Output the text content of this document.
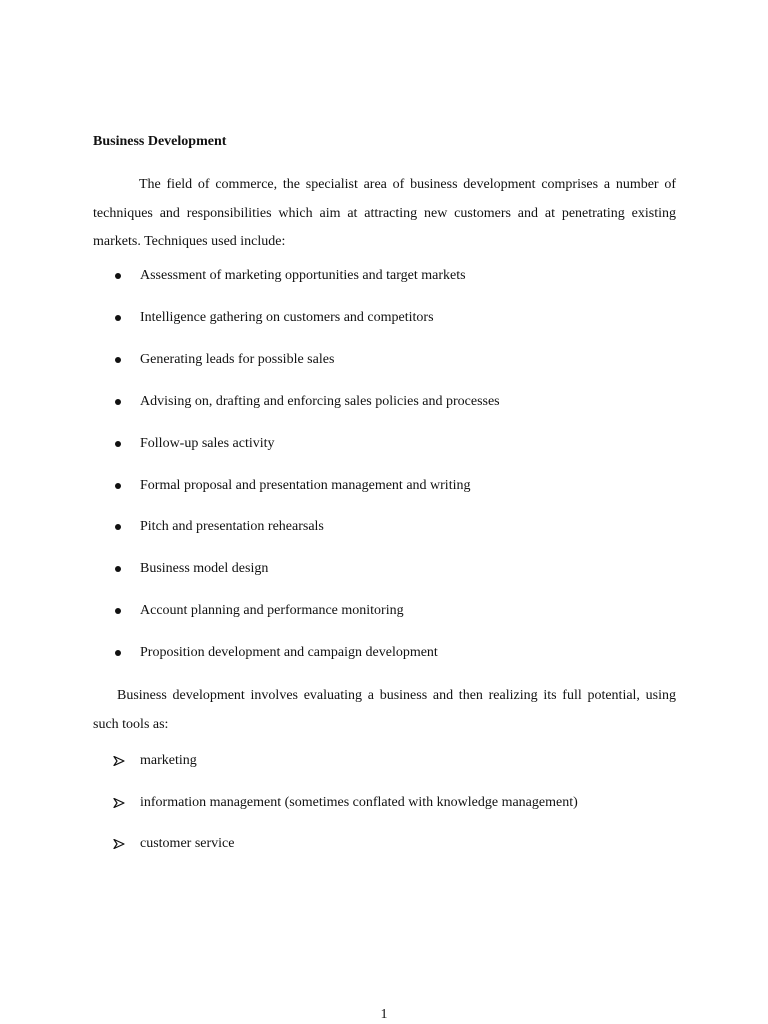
Business Development

The field of commerce, the specialist area of business development comprises a number of techniques and responsibilities which aim at attracting new customers and at penetrating existing markets. Techniques used include:

Assessment of marketing opportunities and target markets
Intelligence gathering on customers and competitors
Generating leads for possible sales
Advising on, drafting and enforcing sales policies and processes
Follow-up sales activity
Formal proposal and presentation management and writing
Pitch and presentation rehearsals
Business model design
Account planning and performance monitoring
Proposition development and campaign development

Business development involves evaluating a business and then realizing its full potential, using such tools as:

marketing
information management (sometimes conflated with knowledge management)
customer service
1
